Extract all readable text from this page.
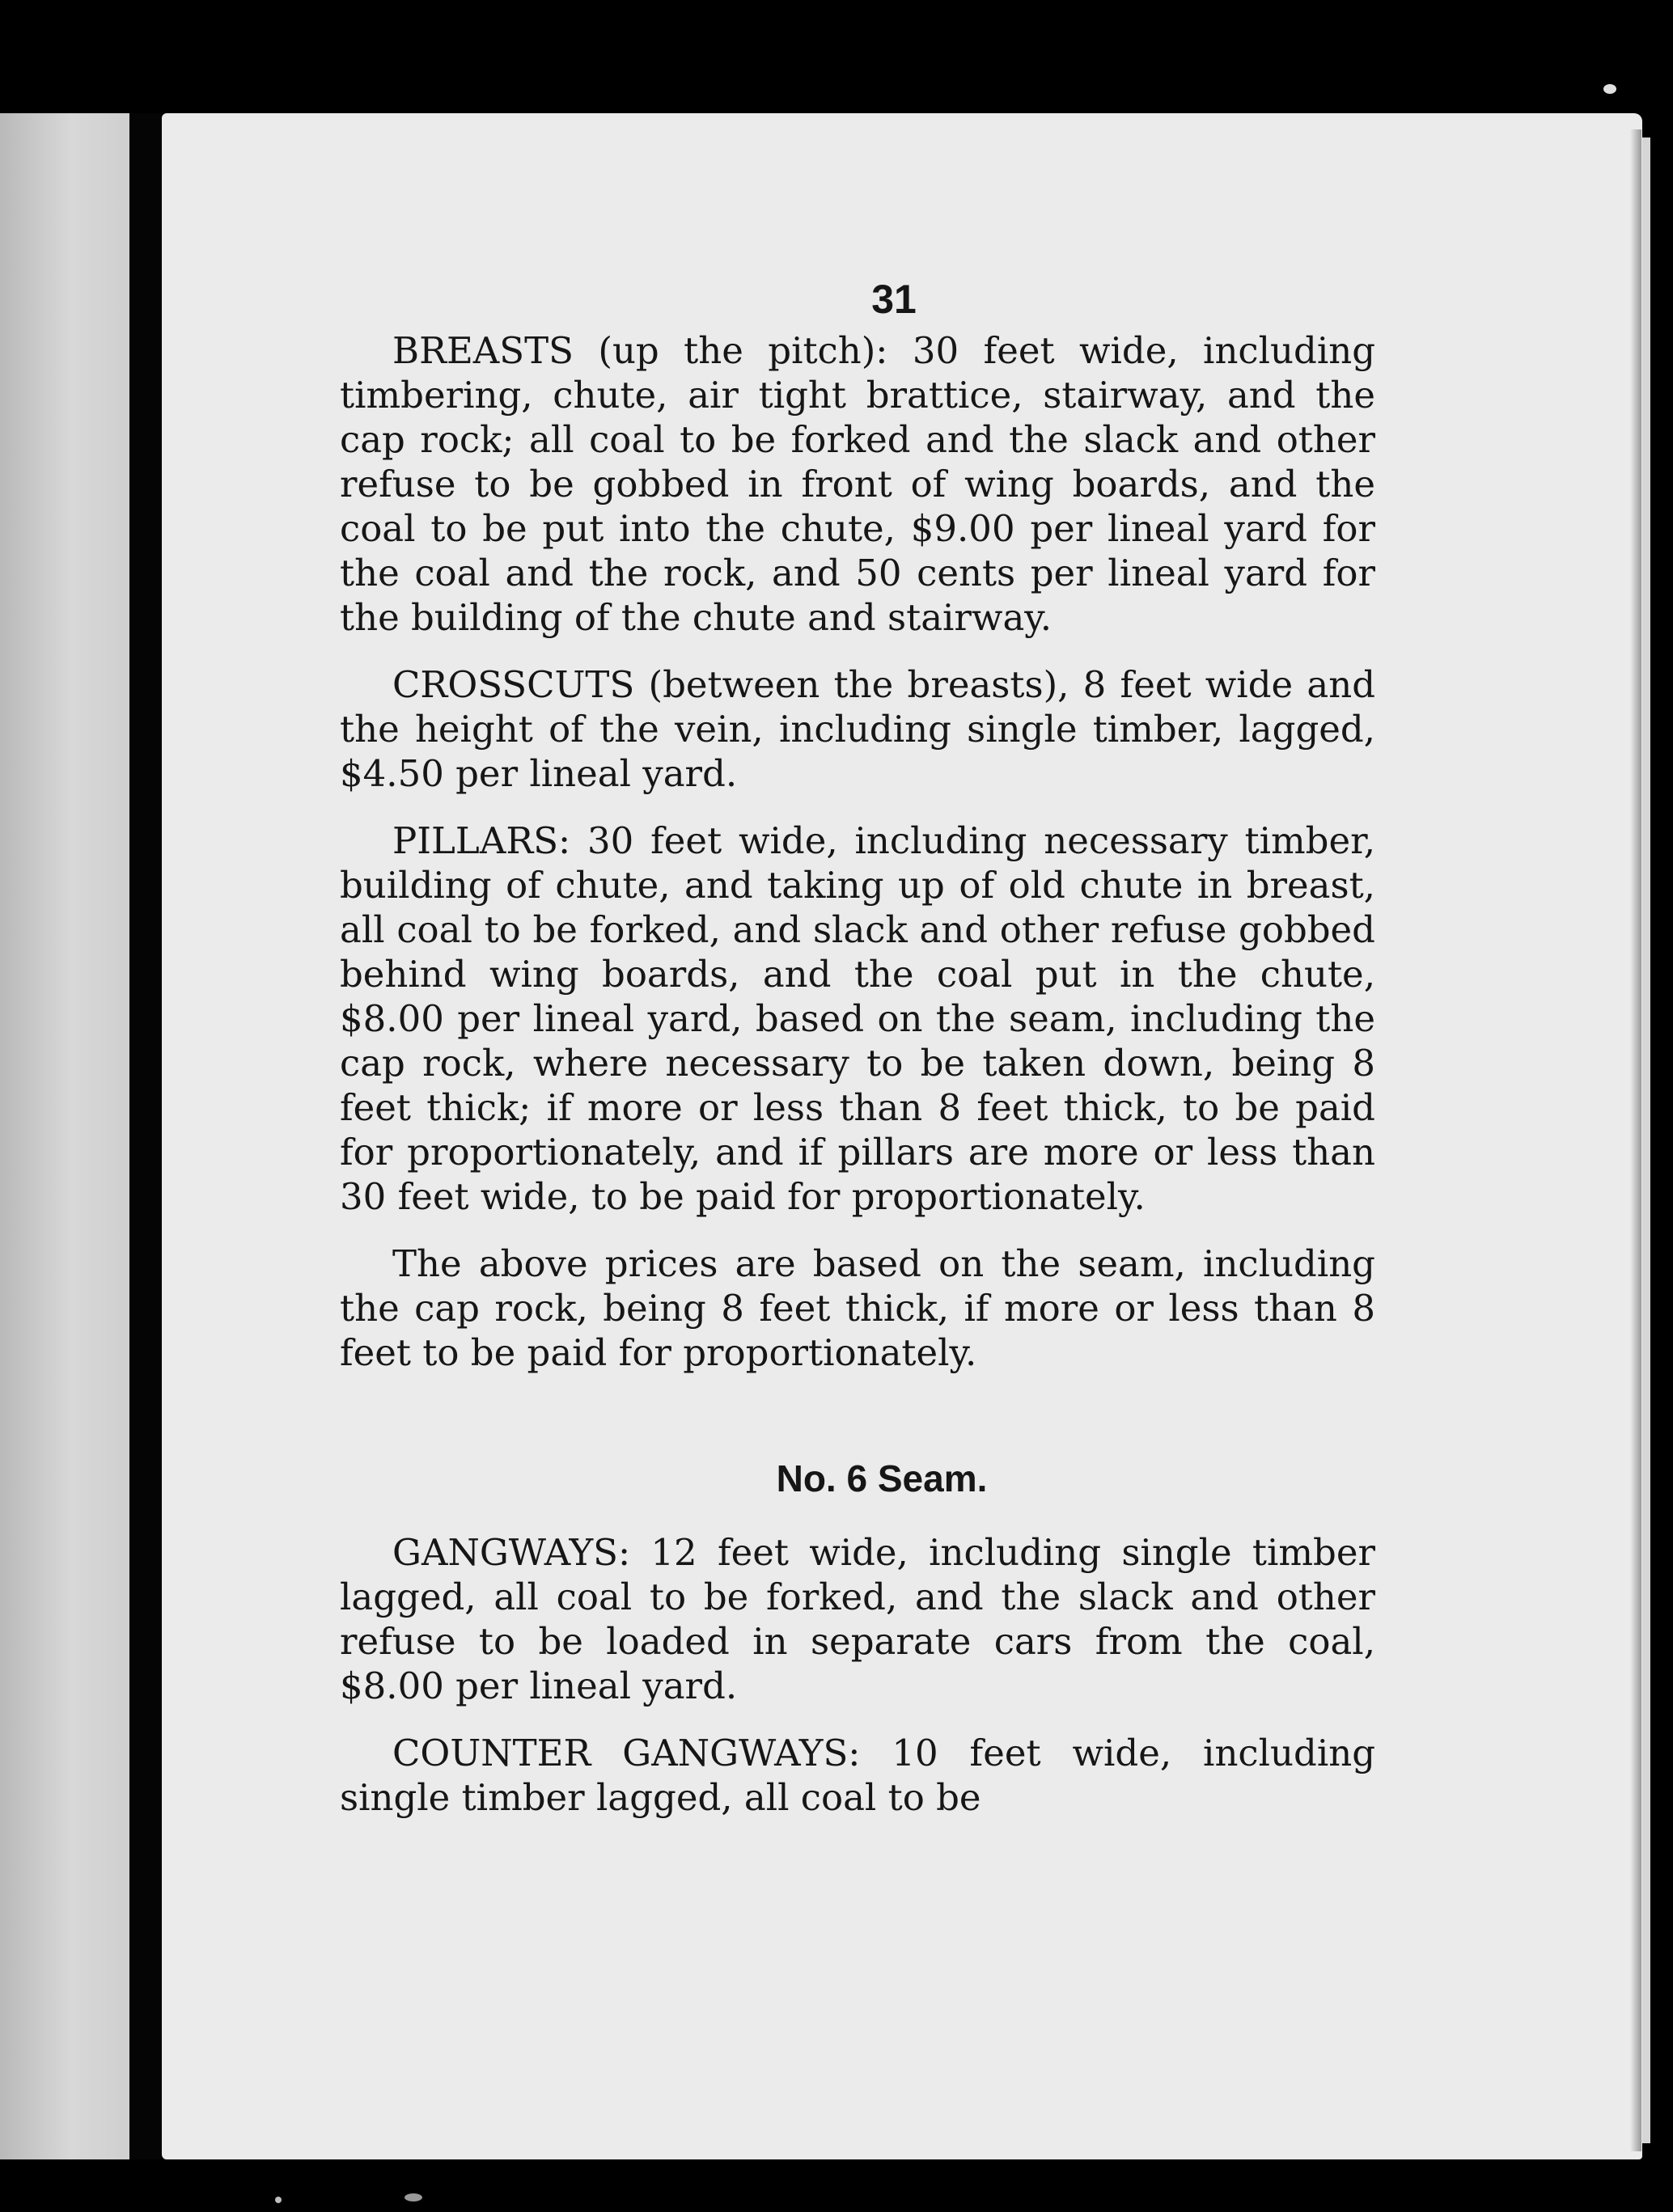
31

BREASTS (up the pitch): 30 feet wide, including timbering, chute, air tight brattice, stairway, and the cap rock; all coal to be forked and the slack and other refuse to be gobbed in front of wing boards, and the coal to be put into the chute, $9.00 per lineal yard for the coal and the rock, and 50 cents per lineal yard for the building of the chute and stairway.

CROSSCUTS (between the breasts), 8 feet wide and the height of the vein, including single timber, lagged, $4.50 per lineal yard.

PILLARS: 30 feet wide, including necessary timber, building of chute, and taking up of old chute in breast, all coal to be forked, and slack and other refuse gobbed behind wing boards, and the coal put in the chute, $8.00 per lineal yard, based on the seam, including the cap rock, where necessary to be taken down, being 8 feet thick; if more or less than 8 feet thick, to be paid for proportionately, and if pillars are more or less than 30 feet wide, to be paid for proportionately.

The above prices are based on the seam, including the cap rock, being 8 feet thick, if more or less than 8 feet to be paid for proportionately.

No. 6 Seam.

GANGWAYS: 12 feet wide, including single timber lagged, all coal to be forked, and the slack and other refuse to be loaded in separate cars from the coal, $8.00 per lineal yard.

COUNTER GANGWAYS: 10 feet wide, including single timber lagged, all coal to be
